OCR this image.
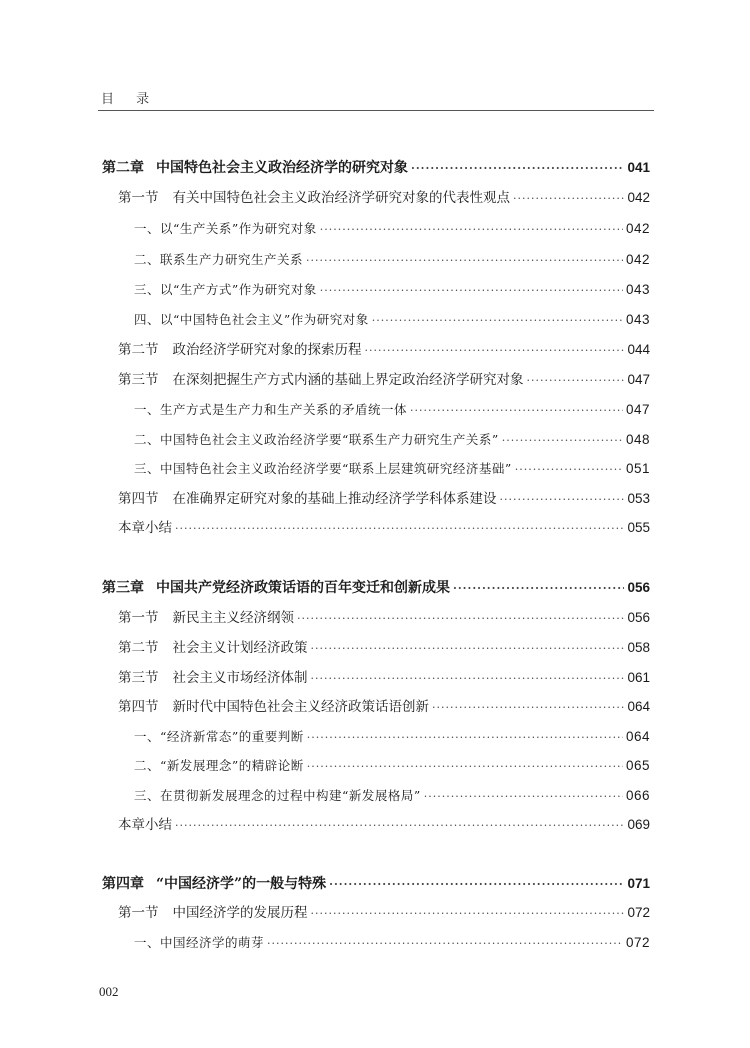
目 录
第二章 中国特色社会主义政治经济学的研究对象 ·····	041
第一节 有关中国特色社会主义政治经济学研究对象的代表性观点 ·····	042
一、以“生产关系”作为研究对象 ·····	042
二、联系生产力研究生产关系 ·····	042
三、以“生产方式”作为研究对象 ·····	043
四、以“中国特色社会主义”作为研究对象 ·····	043
第二节 政治经济学研究对象的探索历程 ·····	044
第三节 在深刻把握生产方式内涵的基础上界定政治经济学研究对象 ·····	047
一、生产方式是生产力和生产关系的矛盾统一体 ·····	047
二、中国特色社会主义政治经济学要“联系生产力研究生产关系” ·····	048
三、中国特色社会主义政治经济学要“联系上层建筑研究经济基础” ·····	051
第四节 在准确界定研究对象的基础上推动经济学学科体系建设 ·····	053
本章小结 ·····	055
第三章 中国共产党经济政策话语的百年变迁和创新成果 ·····	056
第一节 新民主主义经济纲领 ·····	056
第二节 社会主义计划经济政策 ·····	058
第三节 社会主义市场经济体制 ·····	061
第四节 新时代中国特色社会主义经济政策话语创新 ·····	064
一、“经济新常态”的重要判断 ·····	064
二、“新发展理念”的精辟论断 ·····	065
三、在贯彻新发展理念的过程中构建“新发展格局” ·····	066
本章小结 ·····	069
第四章 “中国经济学”的一般与特殊 ·····	071
第一节 中国经济学的发展历程 ·····	072
一、中国经济学的萌芽 ·····	072
002
